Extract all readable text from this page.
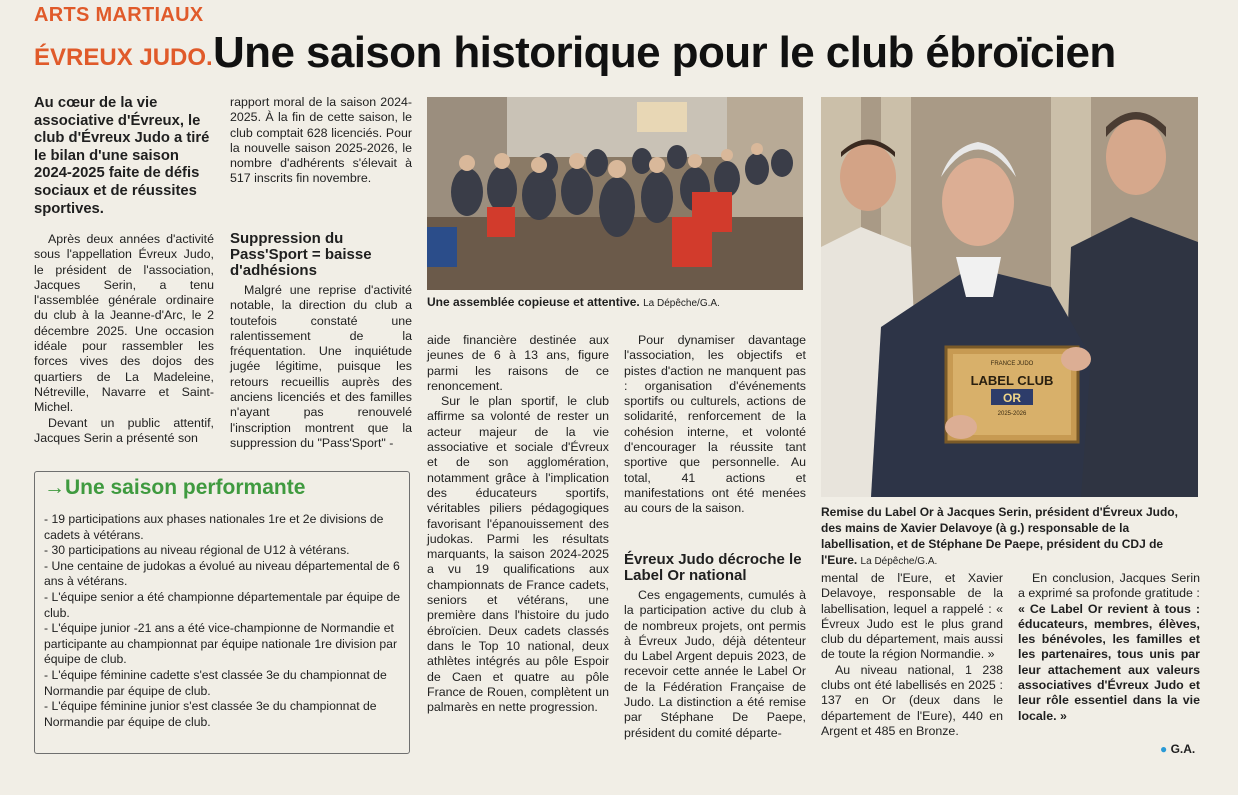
ARTS MARTIAUX
ÉVREUX JUDO. Une saison historique pour le club ébroïcien
Au cœur de la vie associative d'Évreux, le club d'Évreux Judo a tiré le bilan d'une saison 2024-2025 faite de défis sociaux et de réussites sportives.

Après deux années d'activité sous l'appellation Évreux Judo, le président de l'association, Jacques Serin, a tenu l'assemblée générale ordinaire du club à la Jeanne-d'Arc, le 2 décembre 2025. Une occasion idéale pour rassembler les forces vives des dojos des quartiers de La Madeleine, Nétreville, Navarre et Saint-Michel.

Devant un public attentif, Jacques Serin a présenté son

rapport moral de la saison 2024-2025. À la fin de cette saison, le club comptait 628 licenciés. Pour la nouvelle saison 2025-2026, le nombre d'adhérents s'élevait à 517 inscrits fin novembre.

Suppression du Pass'Sport = baisse d'adhésions

Malgré une reprise d'activité notable, la direction du club a toutefois constaté une ralentissement de la fréquentation. Une inquiétude jugée légitime, puisque les retours recueillis auprès des anciens licenciés et des familles n'ayant pas renouvelé l'inscription montrent que la suppression du "Pass'Sport" -

Une assemblée copieuse et attentive. La Dépêche/G.A.

aide financière destinée aux jeunes de 6 à 13 ans, figure parmi les raisons de ce renoncement.

Sur le plan sportif, le club affirme sa volonté de rester un acteur majeur de la vie associative et sociale d'Évreux et de son agglomération, notamment grâce à l'implication des éducateurs sportifs, véritables piliers pédagogiques favorisant l'épanouissement des judokas. Parmi les résultats marquants, la saison 2024-2025 a vu 19 qualifications aux championnats de France cadets, seniors et vétérans, une première dans l'histoire du judo ébroïcien. Deux cadets classés dans le Top 10 national, deux athlètes intégrés au pôle Espoir de Caen et quatre au pôle France de Rouen, complètent un palmarès en nette progression.

Pour dynamiser davantage l'association, les objectifs et pistes d'action ne manquent pas : organisation d'événements sportifs ou culturels, actions de solidarité, renforcement de la cohésion interne, et volonté d'encourager la réussite tant sportive que personnelle. Au total, 41 actions et manifestations ont été menées au cours de la saison.

Évreux Judo décroche le Label Or national

Ces engagements, cumulés à la participation active du club à de nombreux projets, ont permis à Évreux Judo, déjà détenteur du Label Argent depuis 2023, de recevoir cette année le Label Or de la Fédération Française de Judo. La distinction a été remise par Stéphane De Paepe, président du comité départe-

FRANCE JUDO
LABEL CLUB
OR
2025-2026
Remise du Label Or à Jacques Serin, président d'Évreux Judo, des mains de Xavier Delavoye (à g.) responsable de la labellisation, et de Stéphane De Paepe, président du CDJ de l'Eure. La Dépêche/G.A.

mental de l'Eure, et Xavier Delavoye, responsable de la labellisation, lequel a rappelé : « Évreux Judo est le plus grand club du département, mais aussi de toute la région Normandie. »

Au niveau national, 1 238 clubs ont été labellisés en 2025 : 137 en Or (deux dans le département de l'Eure), 440 en Argent et 485 en Bronze.

En conclusion, Jacques Serin a exprimé sa profonde gratitude :

« Ce Label Or revient à tous : éducateurs, membres, élèves, les bénévoles, les familles et les partenaires, tous unis par leur attachement aux valeurs associatives d'Évreux Judo et leur rôle essentiel dans la vie locale. »

● G.A.
→Une saison performante
- 19 participations aux phases nationales 1re et 2e divisions de cadets à vétérans.
- 30 participations au niveau régional de U12 à vétérans.
- Une centaine de judokas a évolué au niveau départemental de 6 ans à vétérans.
- L'équipe senior a été championne départementale par équipe de club.
- L'équipe junior -21 ans a été vice-championne de Normandie et participante au championnat par équipe nationale 1re division par équipe de club.
- L'équipe féminine cadette s'est classée 3e du championnat de Normandie par équipe de club.
- L'équipe féminine junior s'est classée 3e du championnat de Normandie par équipe de club.
